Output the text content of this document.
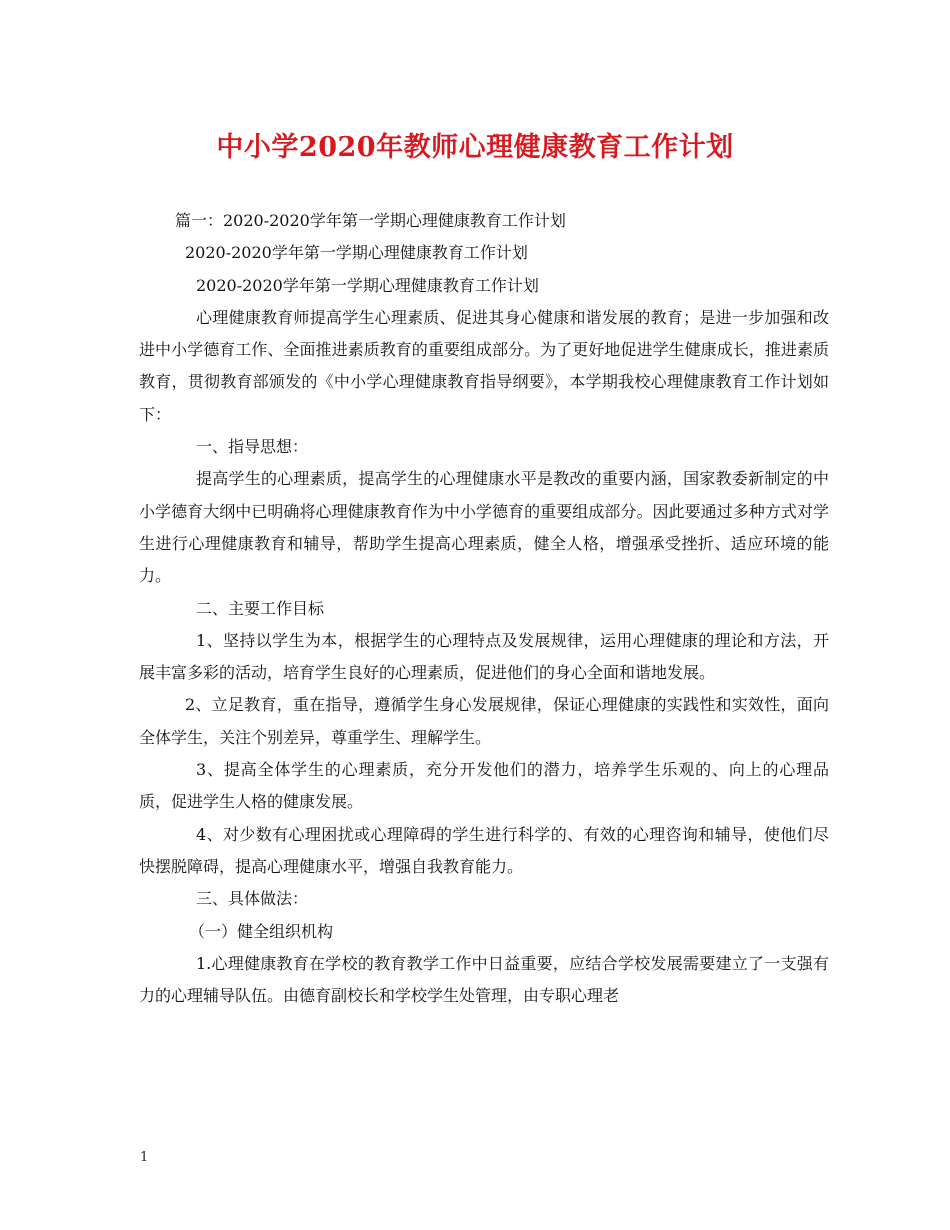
中小学2020年教师心理健康教育工作计划

篇一：2020-2020学年第一学期心理健康教育工作计划

2020-2020学年第一学期心理健康教育工作计划

2020-2020学年第一学期心理健康教育工作计划

心理健康教育师提高学生心理素质、促进其身心健康和谐发展的教育；是进一步加强和改进中小学德育工作、全面推进素质教育的重要组成部分。为了更好地促进学生健康成长，推进素质教育，贯彻教育部颁发的《中小学心理健康教育指导纲要》，本学期我校心理健康教育工作计划如下：

一、指导思想：

提高学生的心理素质，提高学生的心理健康水平是教改的重要内涵，国家教委新制定的中小学德育大纲中已明确将心理健康教育作为中小学德育的重要组成部分。因此要通过多种方式对学生进行心理健康教育和辅导，帮助学生提高心理素质，健全人格，增强承受挫折、适应环境的能力。

二、主要工作目标

1、坚持以学生为本，根据学生的心理特点及发展规律，运用心理健康的理论和方法，开展丰富多彩的活动，培育学生良好的心理素质，促进他们的身心全面和谐地发展。

2、立足教育，重在指导，遵循学生身心发展规律，保证心理健康的实践性和实效性，面向全体学生，关注个别差异，尊重学生、理解学生。

3、提高全体学生的心理素质，充分开发他们的潜力，培养学生乐观的、向上的心理品质，促进学生人格的健康发展。

4、对少数有心理困扰或心理障碍的学生进行科学的、有效的心理咨询和辅导，使他们尽快摆脱障碍，提高心理健康水平，增强自我教育能力。

三、具体做法：

（一）健全组织机构

1.心理健康教育在学校的教育教学工作中日益重要，应结合学校发展需要建立了一支强有力的心理辅导队伍。由德育副校长和学校学生处管理，由专职心理老

1
